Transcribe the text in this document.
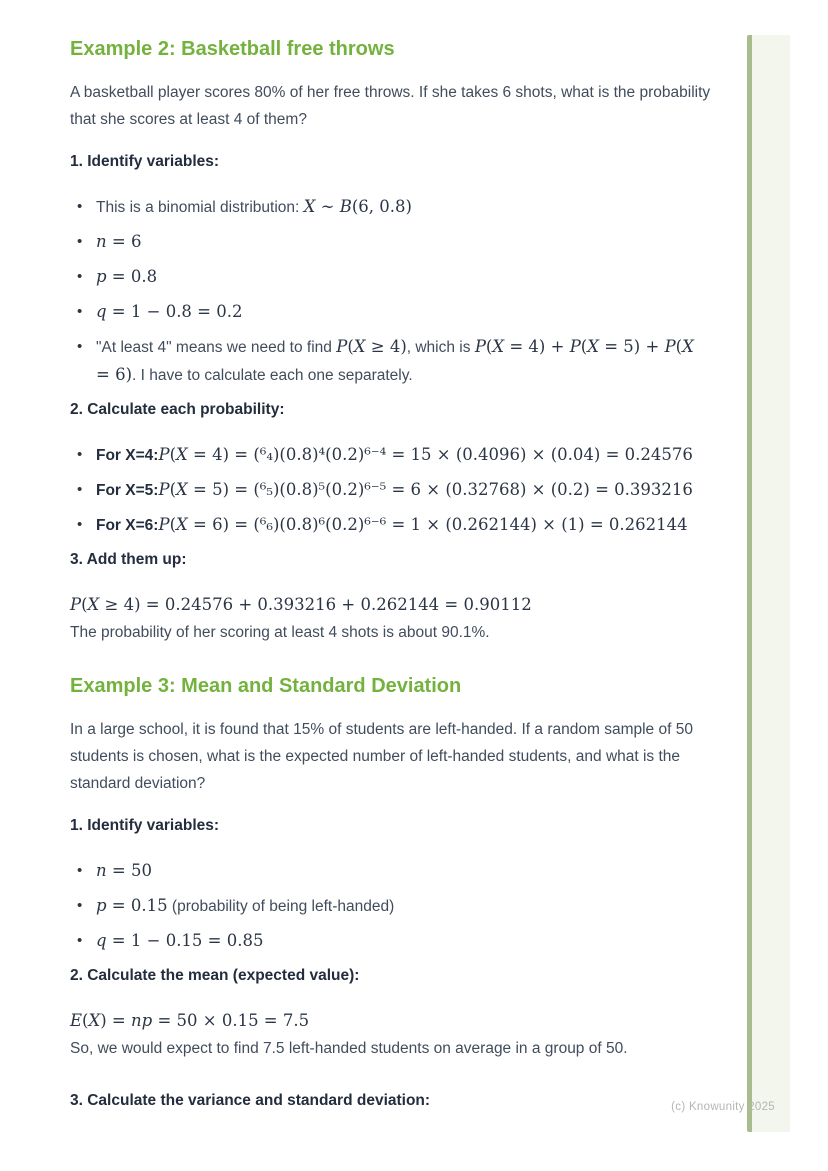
(c) Knowunity 2025
Example 2: Basketball free throws

A basketball player scores 80% of her free throws. If she takes 6 shots, what is the probability that she scores at least 4 of them?

1. Identify variables:
• This is a binomial distribution: X ∼ B(6, 0.8)
• n = 6
• p = 0.8
• q = 1 − 0.8 = 0.2
• "At least 4" means we need to find P(X ≥ 4), which is P(X = 4) + P(X = 5) + P(X = 6). I have to calculate each one separately.
2. Calculate each probability:
• For X=4:P(X = 4) = (⁶₄)(0.8)⁴(0.2)⁶⁻⁴ = 15 × (0.4096) × (0.04) = 0.24576
• For X=5:P(X = 5) = (⁶₅)(0.8)⁵(0.2)⁶⁻⁵ = 6 × (0.32768) × (0.2) = 0.393216
• For X=6:P(X = 6) = (⁶₆)(0.8)⁶(0.2)⁶⁻⁶ = 1 × (0.262144) × (1) = 0.262144
3. Add them up:
P(X ≥ 4) = 0.24576 + 0.393216 + 0.262144 = 0.90112
The probability of her scoring at least 4 shots is about 90.1%.
Example 3: Mean and Standard Deviation

In a large school, it is found that 15% of students are left-handed. If a random sample of 50 students is chosen, what is the expected number of left-handed students, and what is the standard deviation?

1. Identify variables:
• n = 50
• p = 0.15 (probability of being left-handed)
• q = 1 − 0.15 = 0.85
2. Calculate the mean (expected value):
E(X) = np = 50 × 0.15 = 7.5
So, we would expect to find 7.5 left-handed students on average in a group of 50.
3. Calculate the variance and standard deviation:
